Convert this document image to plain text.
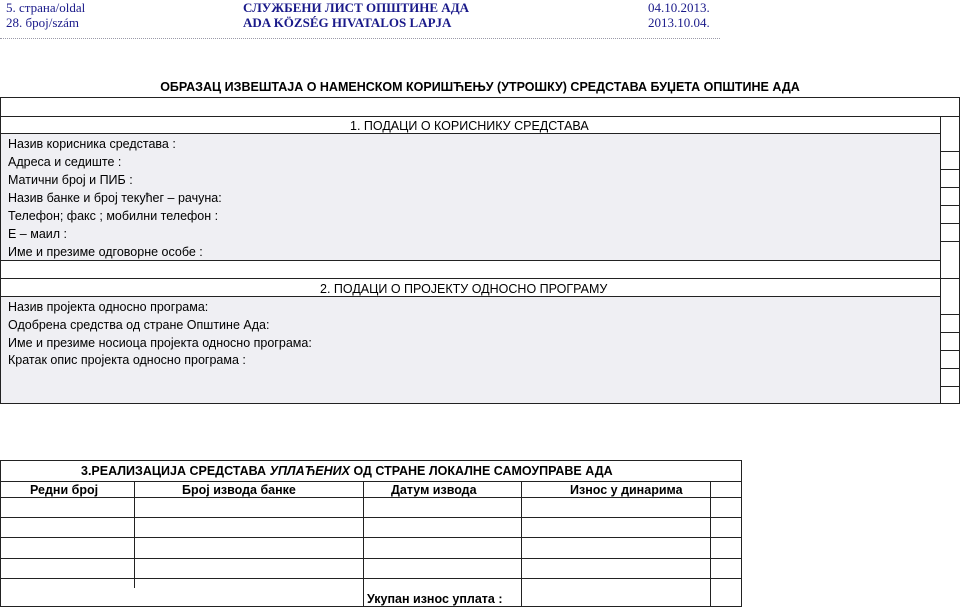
5. страна/oldal
28. број/szám
СЛУЖБЕНИ ЛИСТ ОПШТИНЕ АДА
ADA KÖZSÉG HIVATALOS LAPJA
04.10.2013.
2013.10.04.
ОБРАЗАЦ ИЗВЕШТАЈА О НАМЕНСКОМ КОРИШЋЕЊУ (УТРОШКУ) СРЕДСТАВА БУЏЕТА ОПШТИНЕ АДА
1. ПОДАЦИ О КОРИСНИКУ СРЕДСТАВА
Назив корисника средстава :
Адреса и седиште :
Матични број и ПИБ :
Назив банке и број текућег – рачуна:
Телефон; факс ; мобилни телефон :
Е – маил :
Име и презиме одговорне особе :
2. ПОДАЦИ О ПРОЈЕКТУ ОДНОСНО ПРОГРАМУ
Назив пројекта односно програма:
Одобрена средства од стране Општине Ада:
Име и презиме носиоца пројекта односно програма:
Кратак опис пројекта односно програма :
3.РЕАЛИЗАЦИЈА СРЕДСТАВА УПЛАЋЕНИХ ОД СТРАНЕ ЛОКАЛНЕ САМОУПРАВЕ АДА
Редни број	Број извода банке	Датум извода	Износ у динарима
Укупан износ уплата :
